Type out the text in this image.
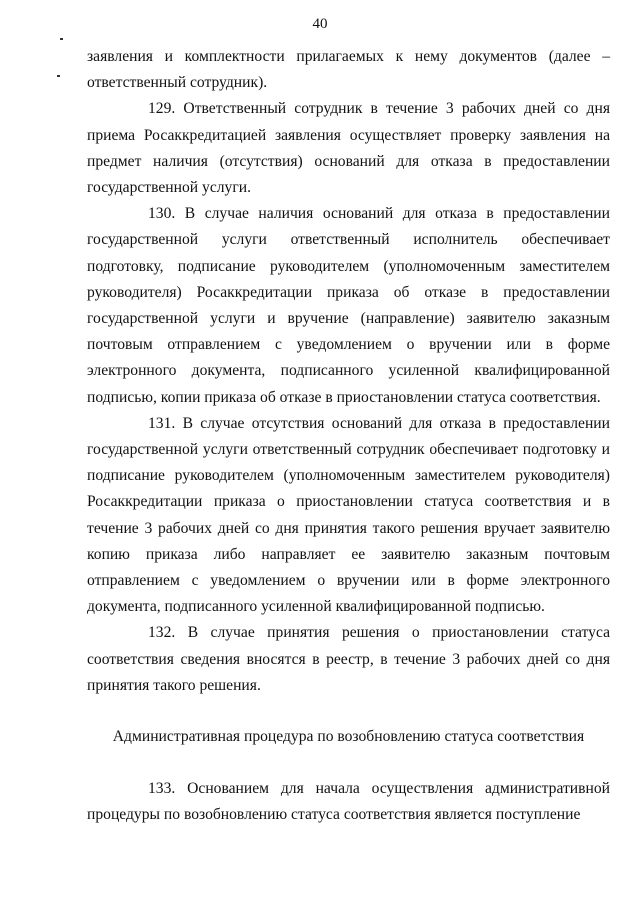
40

заявления и комплектности прилагаемых к нему документов (далее – ответственный сотрудник).

129. Ответственный сотрудник в течение 3 рабочих дней со дня приема Росаккредитацией заявления осуществляет проверку заявления на предмет наличия (отсутствия) оснований для отказа в предоставлении государственной услуги.

130. В случае наличия оснований для отказа в предоставлении государственной услуги ответственный исполнитель обеспечивает подготовку, подписание руководителем (уполномоченным заместителем руководителя) Росаккредитации приказа об отказе в предоставлении государственной услуги и вручение (направление) заявителю заказным почтовым отправлением с уведомлением о вручении или в форме электронного документа, подписанного усиленной квалифицированной подписью, копии приказа об отказе в приостановлении статуса соответствия.

131. В случае отсутствия оснований для отказа в предоставлении государственной услуги ответственный сотрудник обеспечивает подготовку и подписание руководителем (уполномоченным заместителем руководителя) Росаккредитации приказа о приостановлении статуса соответствия и в течение 3 рабочих дней со дня принятия такого решения вручает заявителю копию приказа либо направляет ее заявителю заказным почтовым отправлением с уведомлением о вручении или в форме электронного документа, подписанного усиленной квалифицированной подписью.

132. В случае принятия решения о приостановлении статуса соответствия сведения вносятся в реестр, в течение 3 рабочих дней со дня принятия такого решения.

Административная процедура по возобновлению статуса соответствия

133. Основанием для начала осуществления административной процедуры по возобновлению статуса соответствия является поступление
